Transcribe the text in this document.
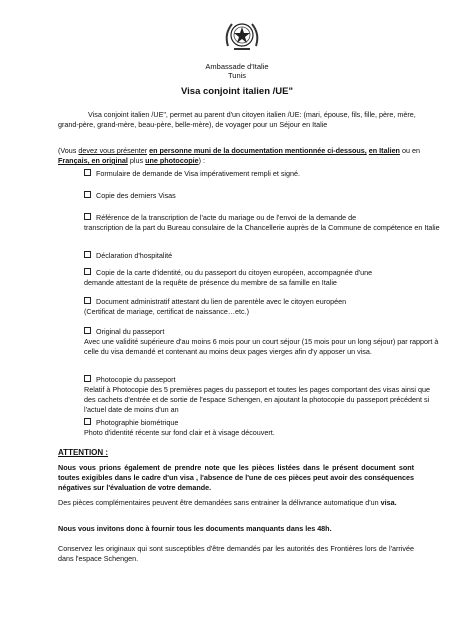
Ambassade d'Italie
Tunis
Visa conjoint italien /UE"
Visa conjoint italien /UE", permet au parent d'un citoyen italien /UE: (mari, épouse, fils, fille, père, mère, grand-père, grand-mère, beau-père, belle-mère), de voyager pour un Séjour en Italie
(Vous devez vous présenter en personne muni de la documentation mentionnée ci-dessous, en Italien ou en Français, en original plus une photocopie) :
Formulaire de demande de Visa impérativement rempli et signé.
Copie des derniers Visas
Référence de la transcription de l'acte du mariage ou de l'envoi de la demande de
transcription de la part du Bureau consulaire de la Chancellerie auprès de la Commune de compétence en Italie
Déclaration d'hospitalité
Copie de la carte d'identité, ou du passeport du citoyen européen, accompagnée d'une
demande attestant de la requête de présence du membre de sa famille en Italie
Document administratif attestant du lien de parentèle avec le citoyen européen
(Certificat de mariage, certificat de naissance…etc.)
Original du passeport
Avec une validité supérieure d'au moins 6 mois pour un court séjour (15 mois pour un long séjour) par rapport à celle du visa demandé et contenant au moins deux pages vierges afin d'y apposer un visa.
Photocopie du passeport
Relatif à Photocopie des 5 premières pages du passeport et toutes les pages comportant des visas ainsi que des cachets d'entrée et de sortie de l'espace Schengen, en ajoutant la photocopie du passeport précédent si l'actuel date de moins d'un an
Photographie biométrique
Photo d'identité récente sur fond clair et à visage découvert.
ATTENTION :
Nous vous prions également de prendre note que les pièces listées dans le présent document sont toutes exigibles dans le cadre d'un visa , l'absence de l'une de ces pièces peut avoir des conséquences négatives sur l'évaluation de votre demande.
Des pièces complémentaires peuvent être demandées sans entrainer la délivrance automatique d'un visa.
Nous vous invitons donc à fournir tous les documents manquants dans les 48h.
Conservez les originaux qui sont susceptibles d'être demandés par les autorités des Frontières lors de l'arrivée dans l'espace Schengen.
